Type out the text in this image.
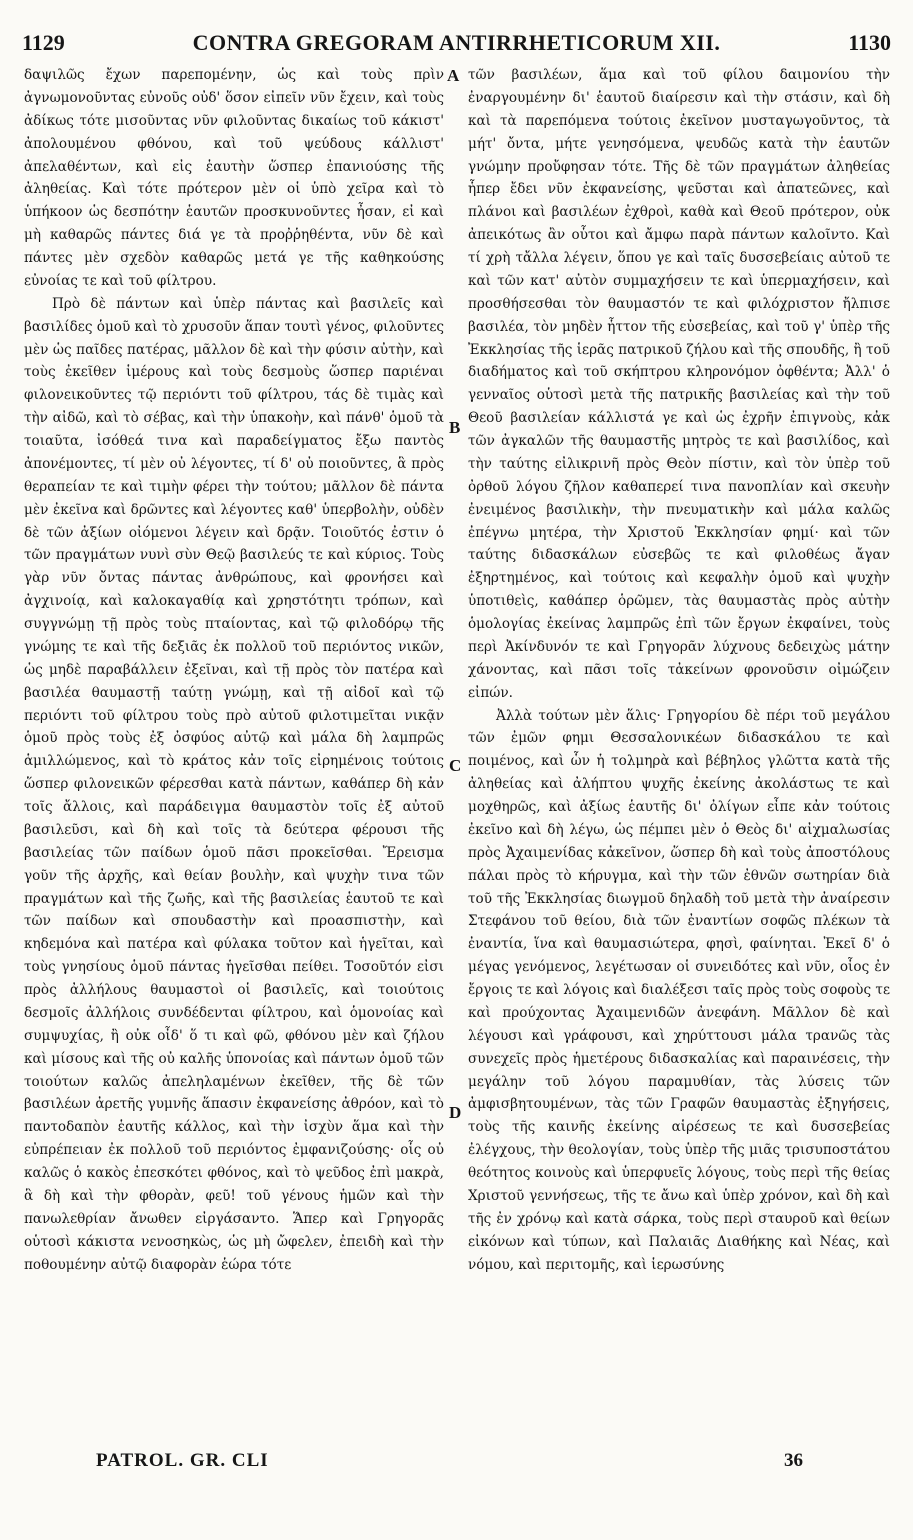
1129	CONTRA GREGORAM ANTIRRHETICORUM XII.	1130

δαψιλῶς ἔχων παρεπομένην, ὡς καὶ τοὺς πρὶν ἀγνωμονοῦντας εὐνοῦς οὐδ' ὅσον εἰπεῖν νῦν ἔχειν, καὶ τοὺς ἀδίκως τότε μισοῦντας νῦν φιλοῦντας δικαίως τοῦ κάκιστ' ἀπολουμένου φθόνου, καὶ τοῦ ψεύδους κάλλιστ' ἀπελαθέντων, καὶ εἰς ἑαυτὴν ὥσπερ ἐπανιούσης τῆς ἀληθείας. Καὶ τότε πρότερον μὲν οἱ ὑπὸ χεῖρα καὶ τὸ ὑπήκοον ὡς δεσπότην ἑαυτῶν προσκυνοῦντες ἦσαν, εἰ καὶ μὴ καθαρῶς πάντες διά γε τὰ προῤῥηθέντα, νῦν δὲ καὶ πάντες μὲν σχεδὸν καθαρῶς μετά γε τῆς καθηκούσης εὐνοίας τε καὶ τοῦ φίλτρου.

Πρὸ δὲ πάντων καὶ ὑπὲρ πάντας καὶ βασιλεῖς καὶ βασιλίδες ὁμοῦ καὶ τὸ χρυσοῦν ἅπαν τουτὶ γένος, φιλοῦντες μὲν ὡς παῖδες πατέρας, μᾶλλον δὲ καὶ τὴν φύσιν αὐτὴν, καὶ τοὺς ἐκεῖθεν ἱμέρους καὶ τοὺς δεσμοὺς ὥσπερ παριέναι φιλονεικοῦντες τῷ περιόντι τοῦ φίλτρου, τάς δὲ τιμὰς καὶ τὴν αἰδῶ, καὶ τὸ σέβας, καὶ τὴν ὑπακοὴν, καὶ πάνθ' ὁμοῦ τὰ τοιαῦτα, ἰσόθεά τινα καὶ παραδείγματος ἔξω παντὸς ἀπονέμοντες, τί μὲν οὐ λέγοντες, τί δ' οὐ ποιοῦντες, ἃ πρὸς θεραπείαν τε καὶ τιμὴν φέρει τὴν τούτου; μᾶλλον δὲ πάντα μὲν ἐκεῖνα καὶ δρῶντες καὶ λέγοντες καθ' ὑπερβολὴν, οὐδὲν δὲ τῶν ἀξίων οἰόμενοι λέγειν καὶ δρᾷν. Τοιοῦτός ἐστιν ὁ τῶν πραγμάτων νυνὶ σὺν Θεῷ βασιλεύς τε καὶ κύριος. Τοὺς γὰρ νῦν ὄντας πάντας ἀνθρώπους, καὶ φρονήσει καὶ ἀγχινοίᾳ, καὶ καλοκαγαθίᾳ καὶ χρηστότητι τρόπων, καὶ συγγνώμῃ τῇ πρὸς τοὺς πταίοντας, καὶ τῷ φιλοδόρῳ τῆς γνώμης τε καὶ τῆς δεξιᾶς ἐκ πολλοῦ τοῦ περιόντος νικῶν, ὡς μηδὲ παραβάλλειν ἐξεῖναι, καὶ τῇ πρὸς τὸν πατέρα καὶ βασιλέα θαυμαστῇ ταύτῃ γνώμῃ, καὶ τῇ αἰδοῖ καὶ τῷ περιόντι τοῦ φίλτρου τοὺς πρὸ αὐτοῦ φιλοτιμεῖται νικᾷν ὁμοῦ πρὸς τοὺς ἐξ ὀσφύος αὐτῷ καὶ μάλα δὴ λαμπρῶς ἁμιλλώμενος, καὶ τὸ κράτος κἀν τοῖς εἰρημένοις τούτοις ὥσπερ φιλονεικῶν φέρεσθαι κατὰ πάντων, καθάπερ δὴ κἀν τοῖς ἄλλοις, καὶ παράδειγμα θαυμαστὸν τοῖς ἐξ αὐτοῦ βασιλεῦσι, καὶ δὴ καὶ τοῖς τὰ δεύτερα φέρουσι τῆς βασιλείας τῶν παίδων ὁμοῦ πᾶσι προκεῖσθαι. Ἔρεισμα γοῦν τῆς ἀρχῆς, καὶ θείαν βουλὴν, καὶ ψυχὴν τινα τῶν πραγμάτων καὶ τῆς ζωῆς, καὶ τῆς βασιλείας ἑαυτοῦ τε καὶ τῶν παίδων καὶ σπουδαστὴν καὶ προασπιστὴν, καὶ κηδεμόνα καὶ πατέρα καὶ φύλακα τοῦτον καὶ ἡγεῖται, καὶ τοὺς γνησίους ὁμοῦ πάντας ἡγεῖσθαι πείθει. Τοσοῦτόν εἰσι πρὸς ἀλλήλους θαυμαστοὶ οἱ βασιλεῖς, καὶ τοιούτοις δεσμοῖς ἀλλήλοις συνδέδενται φίλτρου, καὶ ὁμονοίας καὶ συμψυχίας, ἢ οὐκ οἶδ' ὅ τι καὶ φῶ, φθόνου μὲν καὶ ζήλου καὶ μίσους καὶ τῆς οὐ καλῆς ὑπονοίας καὶ πάντων ὁμοῦ τῶν τοιούτων καλῶς ἀπεληλαμένων ἐκεῖθεν, τῆς δὲ τῶν βασιλέων ἀρετῆς γυμνῆς ἅπασιν ἐκφανείσης ἀθρόον, καὶ τὸ παντοδαπὸν ἑαυτῆς κάλλος, καὶ τὴν ἰσχὺν ἅμα καὶ τὴν εὐπρέπειαν ἐκ πολλοῦ τοῦ περιόντος ἐμφανιζούσης· οἷς οὐ καλῶς ὁ κακὸς ἐπεσκότει φθόνος, καὶ τὸ ψεῦδος ἐπὶ μακρὰ, ἃ δὴ καὶ τὴν φθορὰν, φεῦ! τοῦ γένους ἡμῶν καὶ τὴν πανωλεθρίαν ἄνωθεν εἰργάσαντο. Ἅπερ καὶ Γρηγορᾶς οὑτοσὶ κάκιστα νενοσηκὼς, ὡς μὴ ὤφελεν, ἐπειδὴ καὶ τὴν ποθουμένην αὐτῷ διαφορὰν ἑώρα τότε

A
B
C
D

τῶν βασιλέων, ἅμα καὶ τοῦ φίλου δαιμονίου τὴν ἐναργουμένην δι' ἑαυτοῦ διαίρεσιν καὶ τὴν στάσιν, καὶ δὴ καὶ τὰ παρεπόμενα τούτοις ἐκεῖνον μυσταγωγοῦντος, τὰ μήτ' ὄντα, μήτε γενησόμενα, ψευδῶς κατὰ τὴν ἑαυτῶν γνώμην προὔφησαν τότε. Τῆς δὲ τῶν πραγμάτων ἀληθείας ἧπερ ἔδει νῦν ἐκφανείσης, ψεῦσται καὶ ἀπατεῶνες, καὶ πλάνοι καὶ βασιλέων ἐχθροὶ, καθὰ καὶ Θεοῦ πρότερον, οὐκ ἀπεικότως ἂν οὗτοι καὶ ἄμφω παρὰ πάντων καλοῖντο. Καὶ τί χρὴ τἄλλα λέγειν, ὅπου γε καὶ ταῖς δυσσεβείαις αὐτοῦ τε καὶ τῶν κατ' αὐτὸν συμμαχήσειν τε καὶ ὑπερμαχήσειν, καὶ προσθήσεσθαι τὸν θαυμαστόν τε καὶ φιλόχριστον ἤλπισε βασιλέα, τὸν μηδὲν ἧττον τῆς εὐσεβείας, καὶ τοῦ γ' ὑπὲρ τῆς Ἐκκλησίας τῆς ἱερᾶς πατρικοῦ ζήλου καὶ τῆς σπουδῆς, ἢ τοῦ διαδήματος καὶ τοῦ σκήπτρου κληρονόμον ὀφθέντα; Ἀλλ' ὁ γενναῖος οὑτοσὶ μετὰ τῆς πατρικῆς βασιλείας καὶ τὴν τοῦ Θεοῦ βασιλείαν κάλλιστά γε καὶ ὡς ἐχρῆν ἐπιγνοὺς, κἀκ τῶν ἀγκαλῶν τῆς θαυμαστῆς μητρὸς τε καὶ βασιλίδος, καὶ τὴν ταύτης εἰλικρινῆ πρὸς Θεὸν πίστιν, καὶ τὸν ὑπὲρ τοῦ ὀρθοῦ λόγου ζῆλον καθαπερεί τινα πανοπλίαν καὶ σκευὴν ἐνειμένος βασιλικὴν, τὴν πνευματικὴν καὶ μάλα καλῶς ἐπέγνω μητέρα, τὴν Χριστοῦ Ἐκκλησίαν φημί· καὶ τῶν ταύτης διδασκάλων εὐσεβῶς τε καὶ φιλοθέως ἄγαν ἐξηρτημένος, καὶ τούτοις καὶ κεφαλὴν ὁμοῦ καὶ ψυχὴν ὑποτιθεὶς, καθάπερ ὁρῶμεν, τὰς θαυμαστὰς πρὸς αὐτὴν ὁμολογίας ἐκείνας λαμπρῶς ἐπὶ τῶν ἔργων ἐκφαίνει, τοὺς περὶ Ἀκίνδυνόν τε καὶ Γρηγορᾶν λύχνους δεδειχὼς μάτην χάνοντας, καὶ πᾶσι τοῖς τἀκείνων φρονοῦσιν οἰμώζειν εἰπών.

Ἀλλὰ τούτων μὲν ἅλις· Γρηγορίου δὲ πέρι τοῦ μεγάλου τῶν ἐμῶν φημι Θεσσαλονικέων διδασκάλου τε καὶ ποιμένος, καὶ ὧν ἡ τολμηρὰ καὶ βέβηλος γλῶττα κατὰ τῆς ἀληθείας καὶ ἀλήπτου ψυχῆς ἐκείνης ἀκολάστως τε καὶ μοχθηρῶς, καὶ ἀξίως ἑαυτῆς δι' ὀλίγων εἶπε κἀν τούτοις ἐκεῖνο καὶ δὴ λέγω, ὡς πέμπει μὲν ὁ Θεὸς δι' αἰχμαλωσίας πρὸς Ἀχαιμενίδας κἀκεῖνον, ὥσπερ δὴ καὶ τοὺς ἀποστόλους πάλαι πρὸς τὸ κήρυγμα, καὶ τὴν τῶν ἐθνῶν σωτηρίαν διὰ τοῦ τῆς Ἐκκλησίας διωγμοῦ δηλαδὴ τοῦ μετὰ τὴν ἀναίρεσιν Στεφάνου τοῦ θείου, διὰ τῶν ἐναντίων σοφῶς πλέκων τὰ ἐναντία, ἵνα καὶ θαυμασιώτερα, φησὶ, φαίνηται. Ἐκεῖ δ' ὁ μέγας γενόμενος, λεγέτωσαν οἱ συνειδότες καὶ νῦν, οἷος ἐν ἔργοις τε καὶ λόγοις καὶ διαλέξεσι ταῖς πρὸς τοὺς σοφοὺς τε καὶ προύχοντας Ἀχαιμενιδῶν ἀνεφάνη. Μᾶλλον δὲ καὶ λέγουσι καὶ γράφουσι, καὶ χηρύττουσι μάλα τρανῶς τὰς συνεχεῖς πρὸς ἡμετέρους διδασκαλίας καὶ παραινέσεις, τὴν μεγάλην τοῦ λόγου παραμυθίαν, τὰς λύσεις τῶν ἀμφισβητουμένων, τὰς τῶν Γραφῶν θαυμαστὰς ἐξηγήσεις, τοὺς τῆς καινῆς ἐκείνης αἱρέσεως τε καὶ δυσσεβείας ἐλέγχους, τὴν θεολογίαν, τοὺς ὑπὲρ τῆς μιᾶς τρισυποστάτου θεότητος κοινοὺς καὶ ὑπερφυεῖς λόγους, τοὺς περὶ τῆς θείας Χριστοῦ γεννήσεως, τῆς τε ἄνω καὶ ὑπὲρ χρόνον, καὶ δὴ καὶ τῆς ἐν χρόνῳ καὶ κατὰ σάρκα, τοὺς περὶ σταυροῦ καὶ θείων εἰκόνων καὶ τύπων, καὶ Παλαιᾶς Διαθήκης καὶ Νέας, καὶ νόμου, καὶ περιτομῆς, καὶ ἱερωσύνης

PATROL. GR. CLI	36
